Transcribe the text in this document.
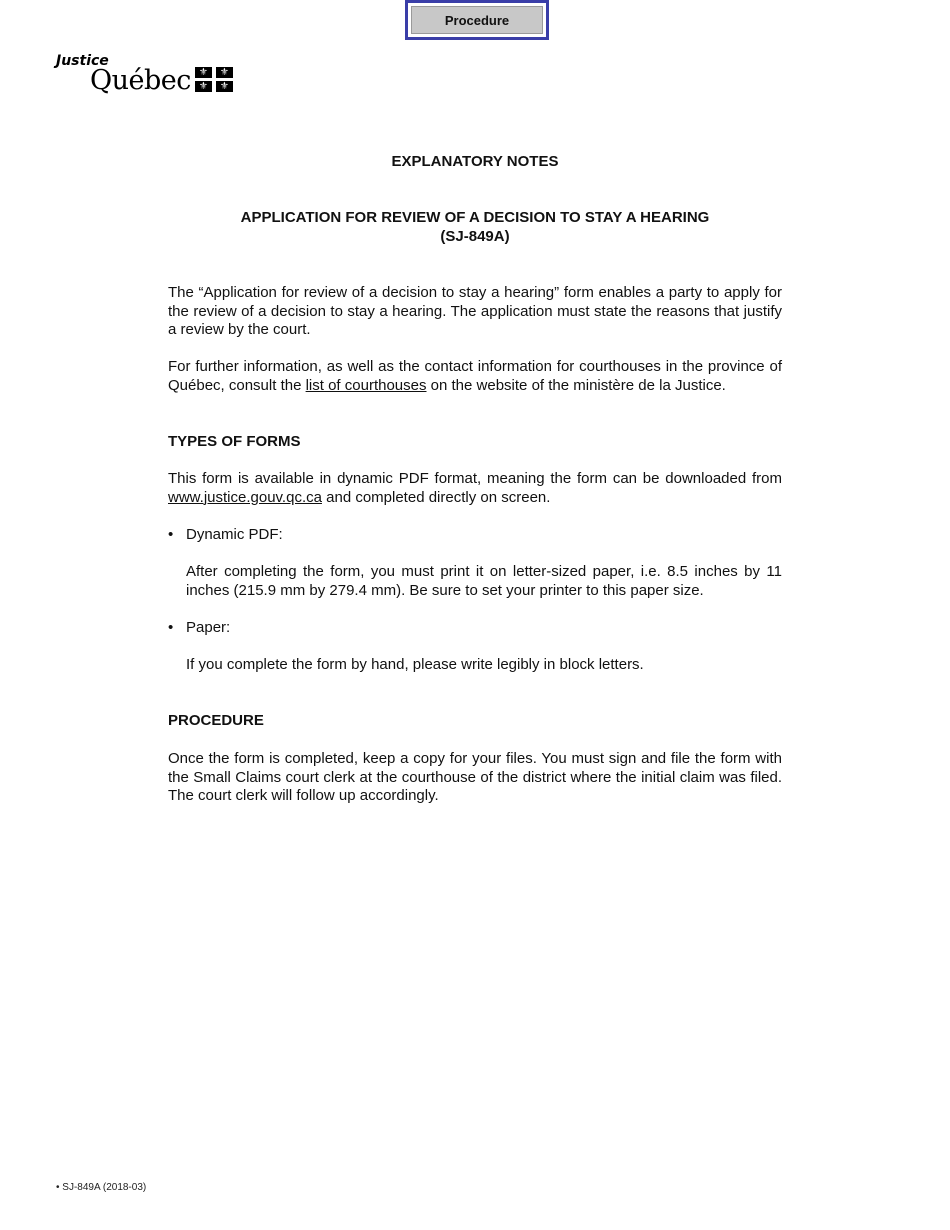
Procedure
Justice
Québec ⚜	⚜
⚜	⚜
EXPLANATORY NOTES
APPLICATION FOR REVIEW OF A DECISION TO STAY A HEARING
(SJ-849A)

The “Application for review of a decision to stay a hearing” form enables a party to apply for the review of a decision to stay a hearing. The application must state the reasons that justify a review by the court.

For further information, as well as the contact information for courthouses in the province of Québec, consult the list of courthouses on the website of the ministère de la Justice.

TYPES OF FORMS

This form is available in dynamic PDF format, meaning the form can be downloaded from www.justice.gouv.qc.ca and completed directly on screen.

• Dynamic PDF:

After completing the form, you must print it on letter-sized paper, i.e. 8.5 inches by 11 inches (215.9 mm by 279.4 mm). Be sure to set your printer to this paper size.

• Paper:

If you complete the form by hand, please write legibly in block letters.

PROCEDURE

Once the form is completed, keep a copy for your files. You must sign and file the form with the Small Claims court clerk at the courthouse of the district where the initial claim was filed. The court clerk will follow up accordingly.

• SJ-849A (2018-03)
